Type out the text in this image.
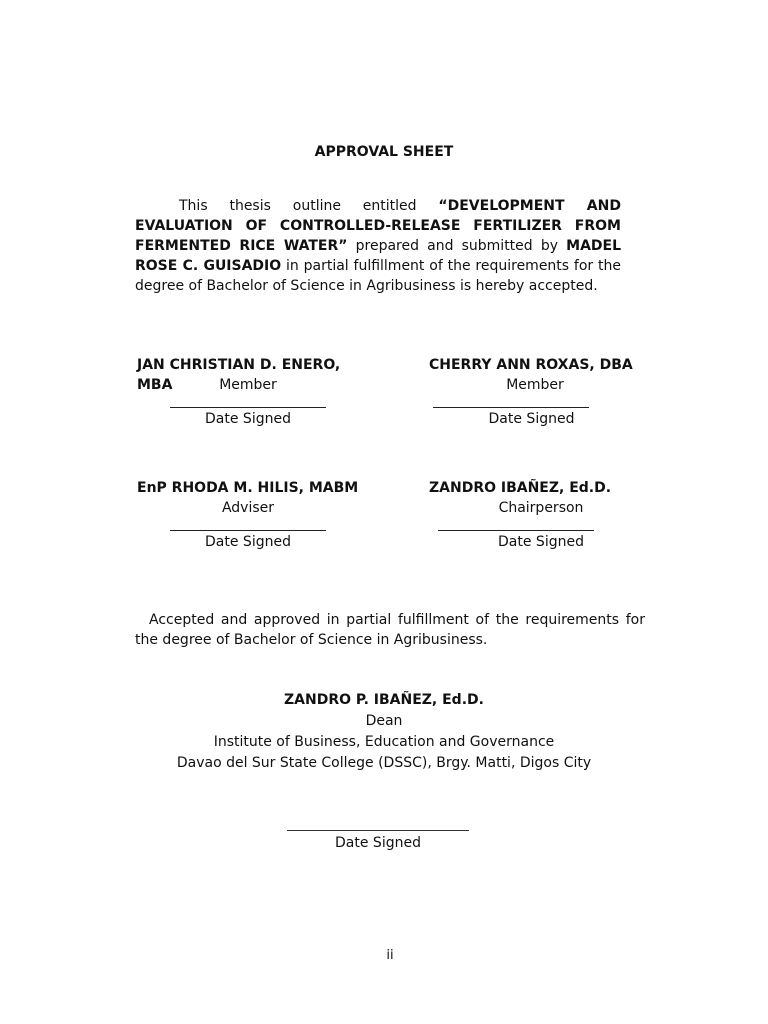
APPROVAL SHEET
This thesis outline entitled “DEVELOPMENT AND EVALUATION OF CONTROLLED-RELEASE FERTILIZER FROM FERMENTED RICE WATER” prepared and submitted by MADEL ROSE C. GUISADIO in partial fulfillment of the requirements for the degree of Bachelor of Science in Agribusiness is hereby accepted.
JAN CHRISTIAN D. ENERO, MBA	Member
Date Signed
CHERRY ANN ROXAS, DBA
Member
Date Signed
EnP RHODA M. HILIS, MABM
Adviser
Date Signed
ZANDRO IBAÑEZ, Ed.D.
Chairperson
Date Signed
Accepted and approved in partial fulfillment of the requirements for the degree of Bachelor of Science in Agribusiness.
ZANDRO P. IBAÑEZ, Ed.D.
Dean
Institute of Business, Education and Governance
Davao del Sur State College (DSSC), Brgy. Matti, Digos City
Date Signed
ii
